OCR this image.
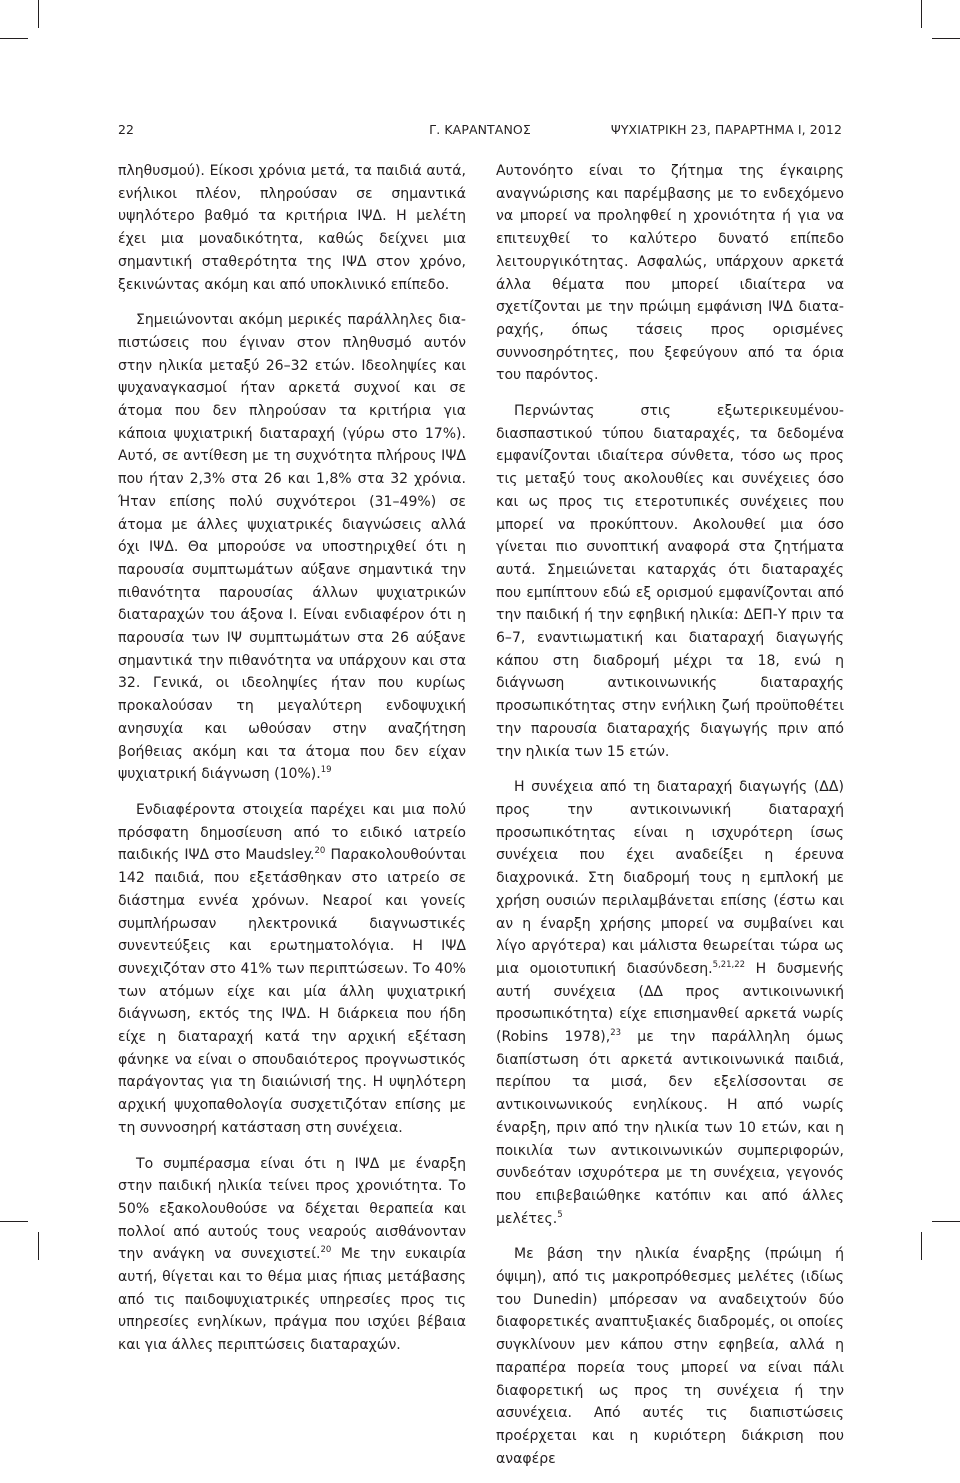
22	Γ. ΚΑΡΑΝΤΑΝΟΣ	ΨΥΧΙΑΤΡΙΚΗ 23, ΠΑΡΑΡΤΗΜΑ Ι, 2012

πληθυσμού). Είκοσι χρόνια μετά, τα παιδιά αυτά, ενήλικοι πλέον, πληρούσαν σε σημαντικά υψηλότερο βαθμό τα κριτήρια ΙΨΔ. Η μελέτη έχει μια μοναδικότητα, καθώς δείχνει μια σημαντική σταθερότητα της ΙΨΔ στον χρόνο, ξεκινώντας ακόμη και από υποκλινικό επίπεδο.

Σημειώνονται ακόμη μερικές παράλληλες διαπιστώσεις που έγιναν στον πληθυσμό αυτόν στην ηλικία μεταξύ 26–32 ετών. Ιδεοληψίες και ψυχαναγκασμοί ήταν αρκετά συχνοί και σε άτομα που δεν πληρούσαν τα κριτήρια για κάποια ψυχιατρική διαταραχή (γύρω στο 17%). Αυτό, σε αντίθεση με τη συχνότητα πλήρους ΙΨΔ που ήταν 2,3% στα 26 και 1,8% στα 32 χρόνια. Ήταν επίσης πολύ συχνότεροι (31–49%) σε άτομα με άλλες ψυχιατρικές διαγνώσεις αλλά όχι ΙΨΔ. Θα μπορούσε να υποστηριχθεί ότι η παρουσία συμπτωμάτων αύξανε σημαντικά την πιθανότητα παρουσίας άλλων ψυχιατρικών διαταραχών του άξονα Ι. Είναι ενδιαφέρον ότι η παρουσία των ΙΨ συμπτωμάτων στα 26 αύξανε σημαντικά την πιθανότητα να υπάρχουν και στα 32. Γενικά, οι ιδεοληψίες ήταν που κυρίως προκαλούσαν τη μεγαλύτερη ενδοψυχική ανησυχία και ωθούσαν στην αναζήτηση βοήθειας ακόμη και τα άτομα που δεν είχαν ψυχιατρική διάγνωση (10%).$^{19}$

Ενδιαφέροντα στοιχεία παρέχει και μια πολύ πρόσφατη δημοσίευση από το ειδικό ιατρείο παιδικής ΙΨΔ στο Maudsley.$^{20}$ Παρακολουθούνται 142 παιδιά, που εξετάσθηκαν στο ιατρείο σε διάστημα εννέα χρόνων. Νεαροί και γονείς συμπλήρωσαν ηλεκτρονικά διαγνωστικές συνεντεύξεις και ερωτηματολόγια. Η ΙΨΔ συνεχιζόταν στο 41% των περιπτώσεων. Το 40% των ατόμων είχε και μία άλλη ψυχιατρική διάγνωση, εκτός της ΙΨΔ. Η διάρκεια που ήδη είχε η διαταραχή κατά την αρχική εξέταση φάνηκε να είναι ο σπουδαιότερος προγνωστικός παράγοντας για τη διαιώνισή της. Η υψηλότερη αρχική ψυχοπαθολογία συσχετιζόταν επίσης με τη συννοσηρή κατάσταση στη συνέχεια.

Το συμπέρασμα είναι ότι η ΙΨΔ με έναρξη στην παιδική ηλικία τείνει προς χρονιότητα. Το 50% εξακολουθούσε να δέχεται θεραπεία και πολλοί από αυτούς τους νεαρούς αισθάνονταν την ανάγκη να συνεχιστεί.$^{20}$ Με την ευκαιρία αυτή, θίγεται και το θέμα μιας ήπιας μετάβασης από τις παιδοψυχιατρικές υπηρεσίες προς τις υπηρεσίες ενηλίκων, πράγμα που ισχύει βέβαια και για άλλες περιπτώσεις διαταραχών.

Αυτονόητο είναι το ζήτημα της έγκαιρης αναγνώρισης και παρέμβασης με το ενδεχόμενο να μπορεί να προληφθεί η χρονιότητα ή για να επιτευχθεί το καλύτερο δυνατό επίπεδο λειτουργικότητας. Ασφαλώς, υπάρχουν αρκετά άλλα θέματα που μπορεί ιδιαίτερα να σχετίζονται με την πρώιμη εμφάνιση ΙΨΔ διαταραχής, όπως τάσεις προς ορισμένες συννοσηρότητες, που ξεφεύγουν από τα όρια του παρόντος.

Περνώντας στις εξωτερικευμένου-διασπαστικού τύπου διαταραχές, τα δεδομένα εμφανίζονται ιδιαίτερα σύνθετα, τόσο ως προς τις μεταξύ τους ακολουθίες και συνέχειες όσο και ως προς τις ετεροτυπικές συνέχειες που μπορεί να προκύπτουν. Ακολουθεί μια όσο γίνεται πιο συνοπτική αναφορά στα ζητήματα αυτά. Σημειώνεται καταρχάς ότι διαταραχές που εμπίπτουν εδώ εξ ορισμού εμφανίζονται από την παιδική ή την εφηβική ηλικία: ΔΕΠ-Υ πριν τα 6–7, εναντιωματική και διαταραχή διαγωγής κάπου στη διαδρομή μέχρι τα 18, ενώ η διάγνωση αντικοινωνικής διαταραχής προσωπικότητας στην ενήλικη ζωή προϋποθέτει την παρουσία διαταραχής διαγωγής πριν από την ηλικία των 15 ετών.

Η συνέχεια από τη διαταραχή διαγωγής (ΔΔ) προς την αντικοινωνική διαταραχή προσωπικότητας είναι η ισχυρότερη ίσως συνέχεια που έχει αναδείξει η έρευνα διαχρονικά. Στη διαδρομή τους η εμπλοκή με χρήση ουσιών περιλαμβάνεται επίσης (έστω και αν η έναρξη χρήσης μπορεί να συμβαίνει και λίγο αργότερα) και μάλιστα θεωρείται τώρα ως μια ομοιοτυπική διασύνδεση.$^{5,21,22}$ Η δυσμενής αυτή συνέχεια (ΔΔ προς αντικοινωνική προσωπικότητα) είχε επισημανθεί αρκετά νωρίς (Robins 1978),$^{23}$ με την παράλληλη όμως διαπίστωση ότι αρκετά αντικοινωνικά παιδιά, περίπου τα μισά, δεν εξελίσσονται σε αντικοινωνικούς ενηλίκους. Η από νωρίς έναρξη, πριν από την ηλικία των 10 ετών, και η ποικιλία των αντικοινωνικών συμπεριφορών, συνδεόταν ισχυρότερα με τη συνέχεια, γεγονός που επιβεβαιώθηκε κατόπιν και από άλλες μελέτες.$^5$

Με βάση την ηλικία έναρξης (πρώιμη ή όψιμη), από τις μακροπρόθεσμες μελέτες (ιδίως του Dunedin) μπόρεσαν να αναδειχτούν δύο διαφορετικές αναπτυξιακές διαδρομές, οι οποίες συγκλίνουν μεν κάπου στην εφηβεία, αλλά η παραπέρα πορεία τους μπορεί να είναι πάλι διαφορετική ως προς τη συνέχεια ή την ασυνέχεια. Από αυτές τις διαπιστώσεις προέρχεται και η κυριότερη διάκριση που αναφέρε
